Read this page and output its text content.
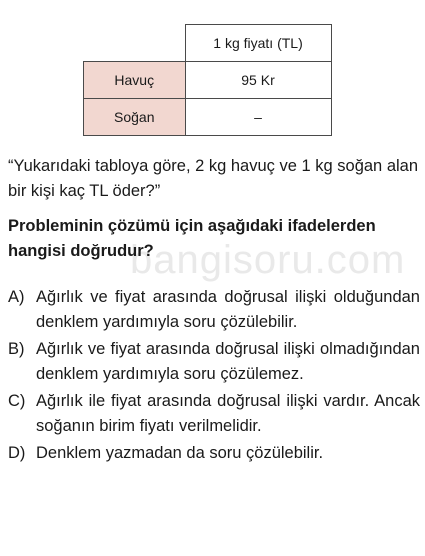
bangisoru.com
	1 kg fiyatı (TL)
Havuç	95 Kr
Soğan	–
“Yukarıdaki tabloya göre, 2 kg havuç ve 1 kg soğan alan bir kişi kaç TL öder?”
Probleminin çözümü için aşağıdaki ifadelerden hangisi doğrudur?
A) Ağırlık ve fiyat arasında doğrusal ilişki olduğundan denklem yardımıyla soru çözülebilir.
B) Ağırlık ve fiyat arasında doğrusal ilişki olmadığından denklem yardımıyla soru çözülemez.
C) Ağırlık ile fiyat arasında doğrusal ilişki vardır. Ancak soğanın birim fiyatı verilmelidir.
D) Denklem yazmadan da soru çözülebilir.
